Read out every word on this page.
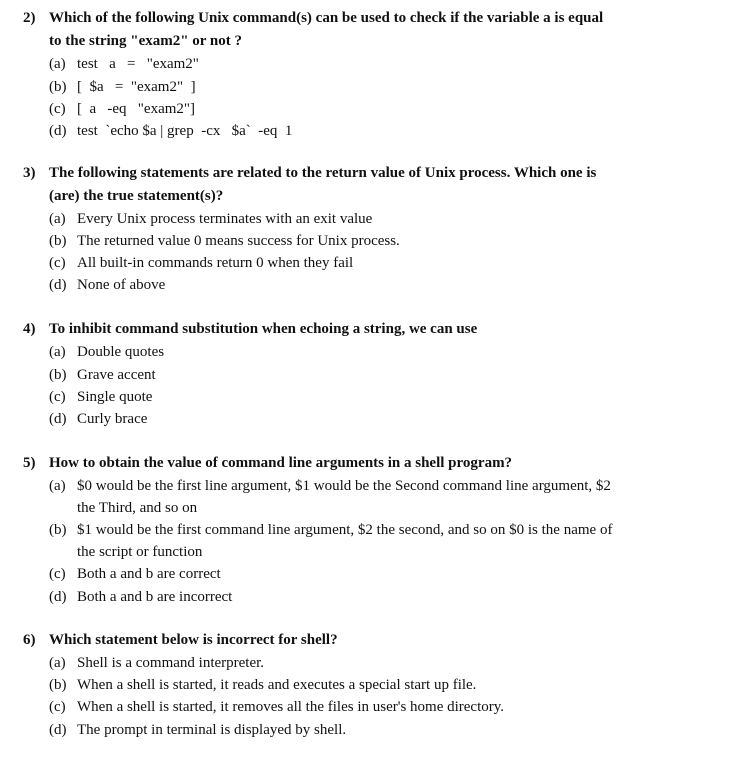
2) Which of the following Unix command(s) can be used to check if the variable a is equal
to the string "exam2" or not ?
(a) test   a   =   "exam2"
(b) [  $a   =  "exam2"  ]
(c) [  a   -eq   "exam2"]
(d) test  `echo $a | grep  -cx   $a`  -eq  1
3) The following statements are related to the return value of Unix process. Which one is
(are) the true statement(s)?
(a) Every Unix process terminates with an exit value
(b) The returned value 0 means success for Unix process.
(c) All built-in commands return 0 when they fail
(d) None of above
4) To inhibit command substitution when echoing a string, we can use
(a) Double quotes
(b) Grave accent
(c) Single quote
(d) Curly brace
5) How to obtain the value of command line arguments in a shell program?
(a) $0 would be the first line argument, $1 would be the Second command line argument, $2
the Third, and so on
(b) $1 would be the first command line argument, $2 the second, and so on $0 is the name of
the script or function
(c) Both a and b are correct
(d) Both a and b are incorrect
6) Which statement below is incorrect for shell?
(a) Shell is a command interpreter.
(b) When a shell is started, it reads and executes a special start up file.
(c) When a shell is started, it removes all the files in user's home directory.
(d) The prompt in terminal is displayed by shell.
